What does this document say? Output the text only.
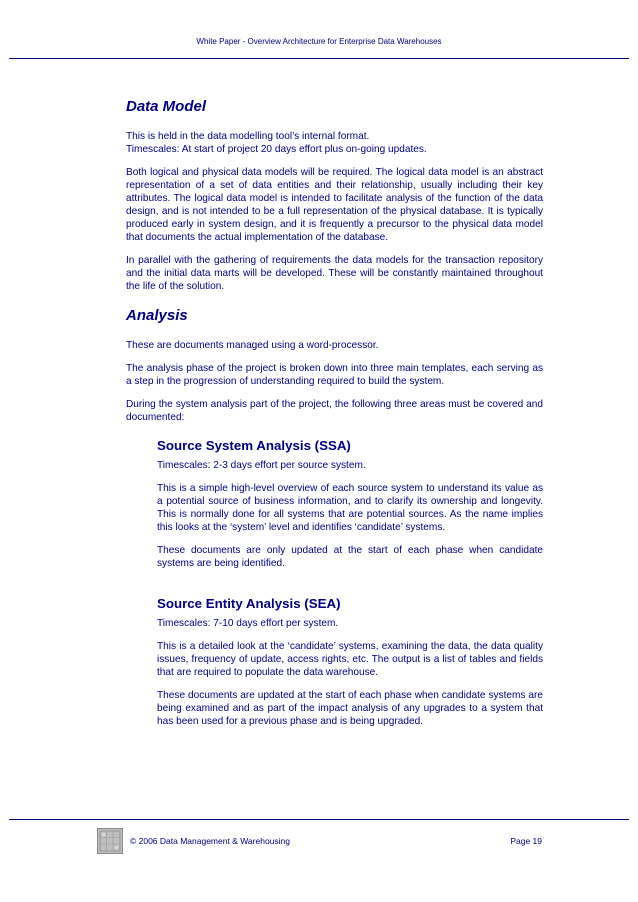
White Paper - Overview Architecture for Enterprise Data Warehouses
Data Model

This is held in the data modelling tool’s internal format.

Timescales: At start of project 20 days effort plus on-going updates.

Both logical and physical data models will be required. The logical data model is an abstract representation of a set of data entities and their relationship, usually including their key attributes. The logical data model is intended to facilitate analysis of the function of the data design, and is not intended to be a full representation of the physical database. It is typically produced early in system design, and it is frequently a precursor to the physical data model that documents the actual implementation of the database.

In parallel with the gathering of requirements the data models for the transaction repository and the initial data marts will be developed. These will be constantly maintained throughout the life of the solution.

Analysis

These are documents managed using a word-processor.

The analysis phase of the project is broken down into three main templates, each serving as a step in the progression of understanding required to build the system.

During the system analysis part of the project, the following three areas must be covered and documented:

Source System Analysis (SSA)

Timescales: 2-3 days effort per source system.

This is a simple high-level overview of each source system to understand its value as a potential source of business information, and to clarify its ownership and longevity. This is normally done for all systems that are potential sources. As the name implies this looks at the ‘system’ level and identifies ‘candidate’ systems.

These documents are only updated at the start of each phase when candidate systems are being identified.

Source Entity Analysis (SEA)

Timescales: 7-10 days effort per system.

This is a detailed look at the ‘candidate’ systems, examining the data, the data quality issues, frequency of update, access rights, etc. The output is a list of tables and fields that are required to populate the data warehouse.

These documents are updated at the start of each phase when candidate systems are being examined and as part of the impact analysis of any upgrades to a system that has been used for a previous phase and is being upgraded.

© 2006 Data Management & Warehousing	Page 19
